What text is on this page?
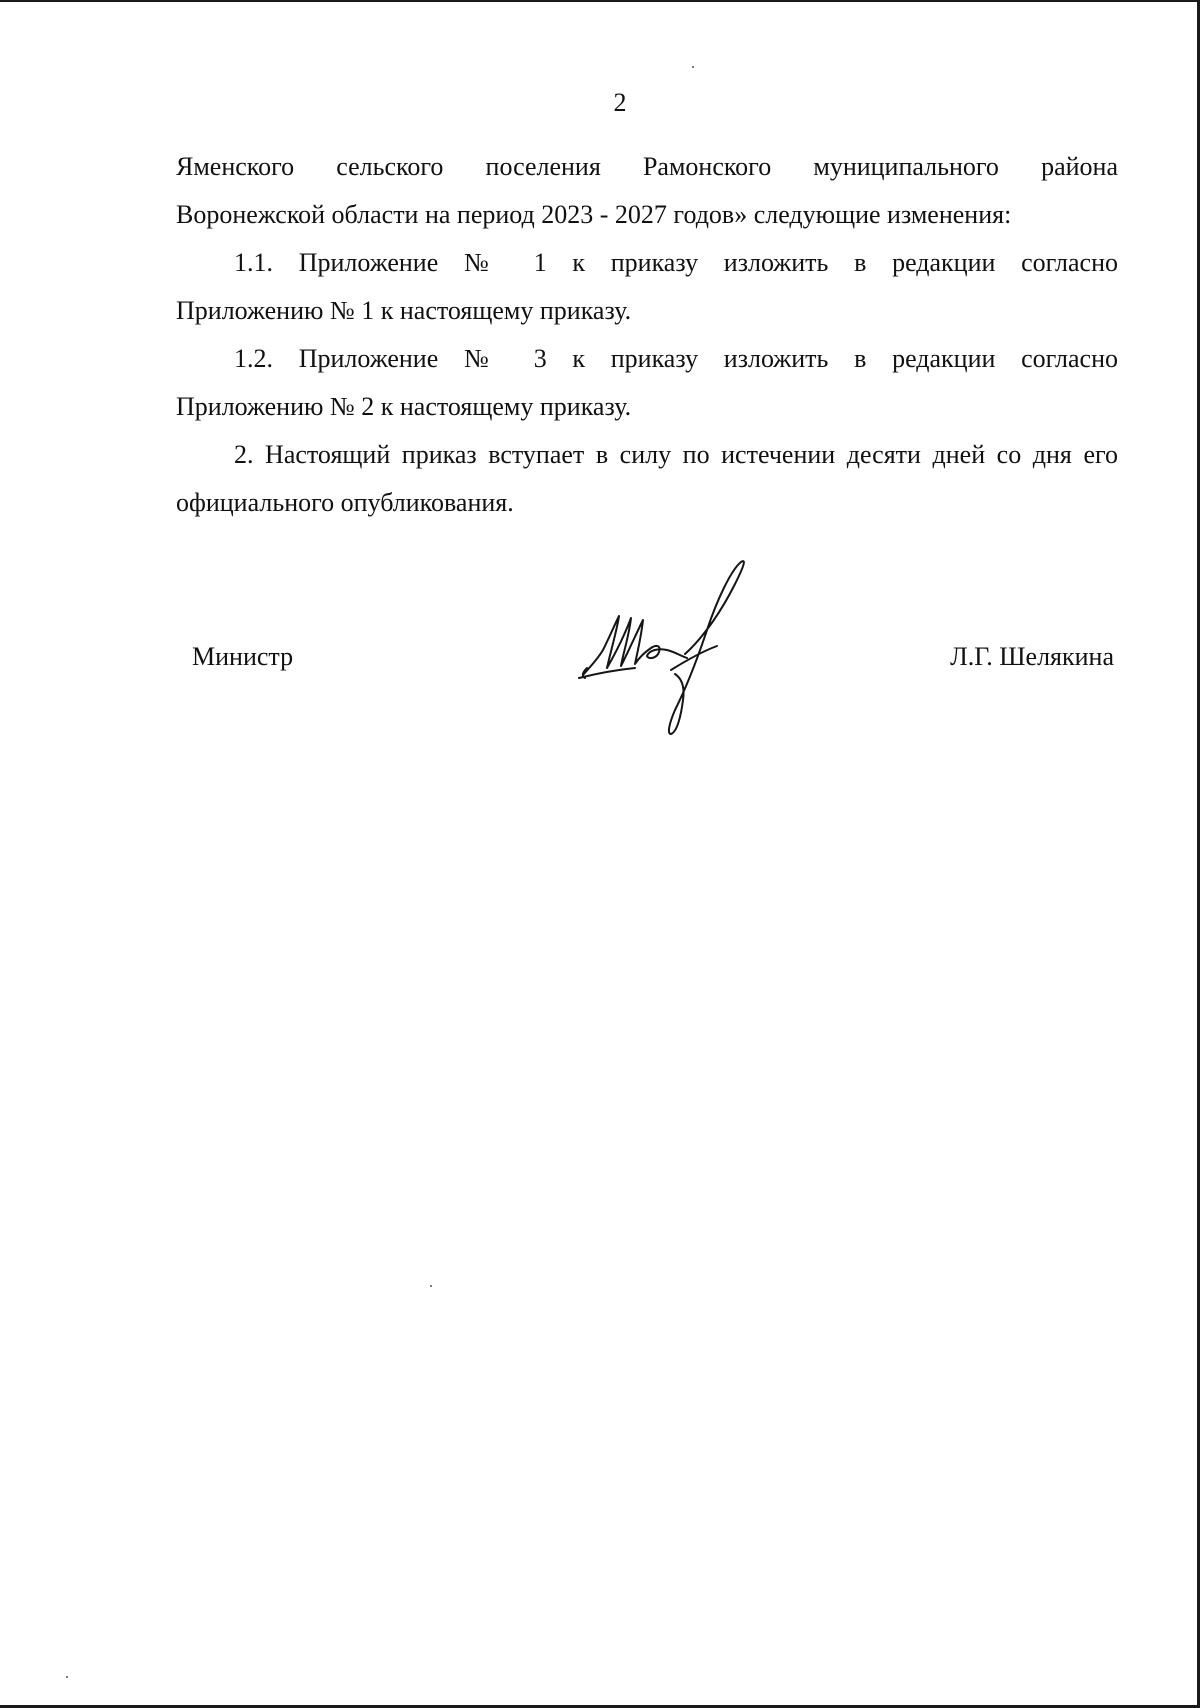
2
Яменского сельского поселения Рамонского муниципального района
Воронежской области на период 2023 - 2027 годов» следующие изменения:
1.1. Приложение № 1 к приказу изложить в редакции согласно
Приложению № 1 к настоящему приказу.
1.2. Приложение № 3 к приказу изложить в редакции согласно
Приложению № 2 к настоящему приказу.
2. Настоящий приказ вступает в силу по истечении десяти дней со дня его
официального опубликования.
Министр	Л.Г. Шелякина
